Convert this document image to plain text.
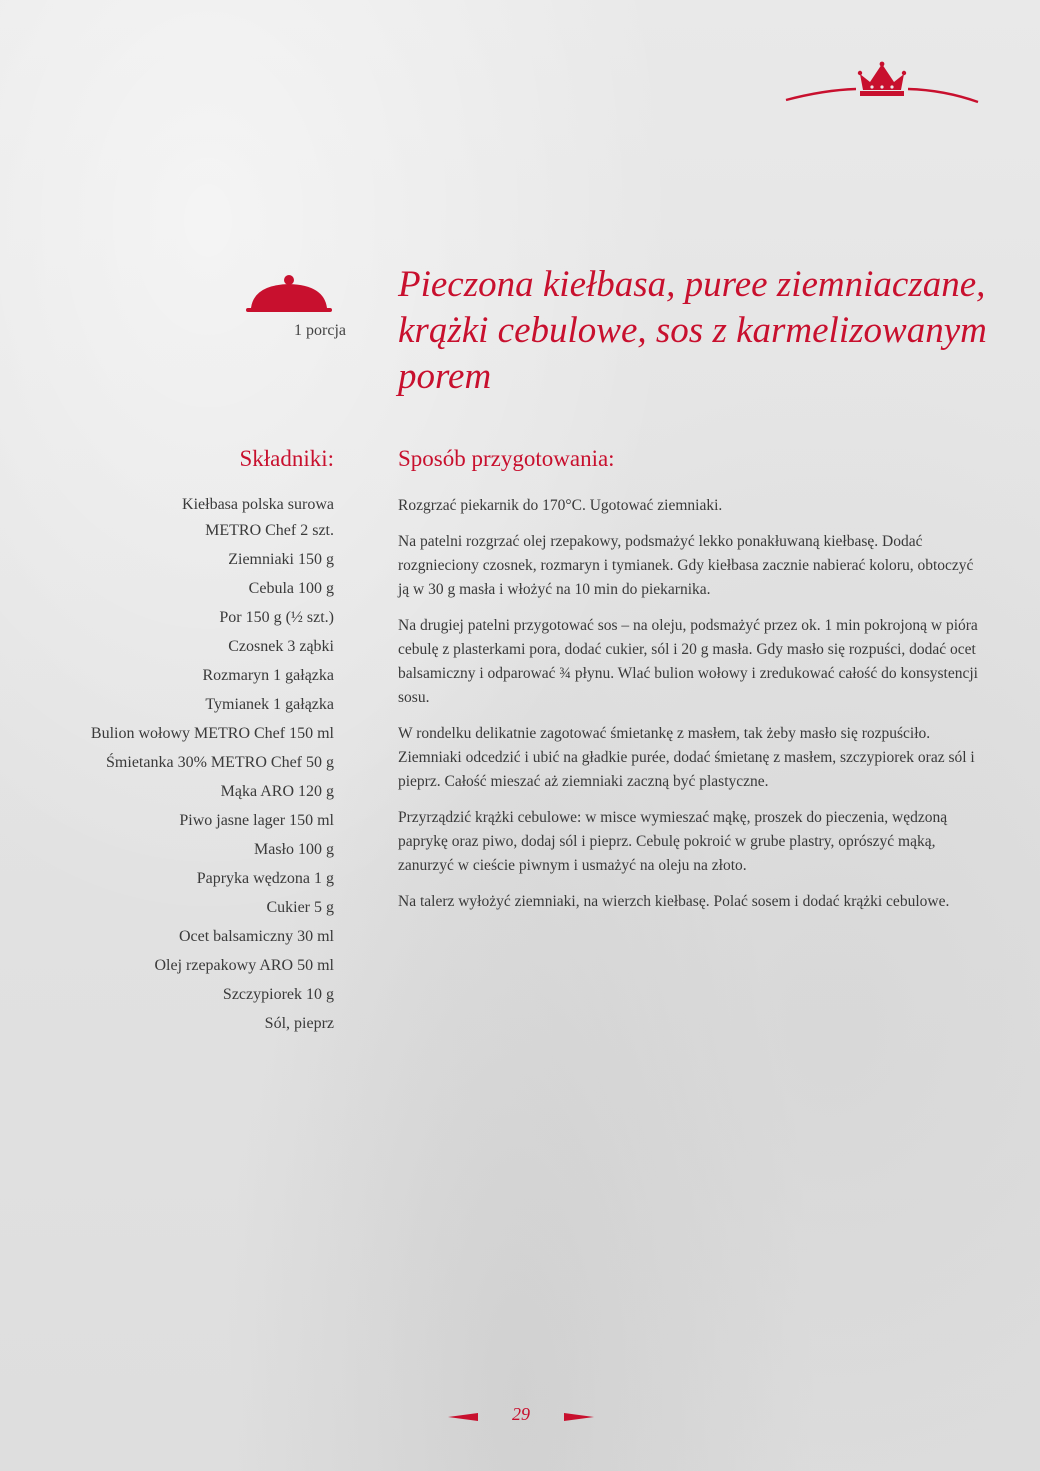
1 porcja
Pieczona kiełbasa, puree ziemniaczane, krążki cebulowe, sos z karmelizowanym porem
Składniki:
Kiełbasa polska surowa
METRO Chef 2 szt.
Ziemniaki 150 g
Cebula 100 g
Por 150 g (½ szt.)
Czosnek 3 ząbki
Rozmaryn 1 gałązka
Tymianek 1 gałązka
Bulion wołowy METRO Chef 150 ml
Śmietanka 30% METRO Chef 50 g
Mąka ARO 120 g
Piwo jasne lager 150 ml
Masło 100 g
Papryka wędzona 1 g
Cukier 5 g
Ocet balsamiczny 30 ml
Olej rzepakowy ARO 50 ml
Szczypiorek 10 g
Sól, pieprz
Sposób przygotowania:

Rozgrzać piekarnik do 170°C. Ugotować ziemniaki.

Na patelni rozgrzać olej rzepakowy, podsmażyć lekko ponakłuwaną kiełbasę. Dodać rozgnieciony czosnek, rozmaryn i tymianek. Gdy kiełbasa zacznie nabierać koloru, obtoczyć ją w 30 g masła i włożyć na 10 min do piekarnika.

Na drugiej patelni przygotować sos – na oleju, podsmażyć przez ok. 1 min pokrojoną w pióra cebulę z plasterkami pora, dodać cukier, sól i 20 g masła. Gdy masło się rozpuści, dodać ocet balsamiczny i odparować ¾ płynu. Wlać bulion wołowy i zredukować całość do konsystencji sosu.

W rondelku delikatnie zagotować śmietankę z masłem, tak żeby masło się rozpuściło. Ziemniaki odcedzić i ubić na gładkie purée, dodać śmietanę z masłem, szczypiorek oraz sól i pieprz. Całość mieszać aż ziemniaki zaczną być plastyczne.

Przyrządzić krążki cebulowe: w misce wymieszać mąkę, proszek do pieczenia, wędzoną paprykę oraz piwo, dodaj sól i pieprz. Cebulę pokroić w grube plastry, oprószyć mąką, zanurzyć w cieście piwnym i usmażyć na oleju na złoto.

Na talerz wyłożyć ziemniaki, na wierzch kiełbasę. Polać sosem i dodać krążki cebulowe.

29
